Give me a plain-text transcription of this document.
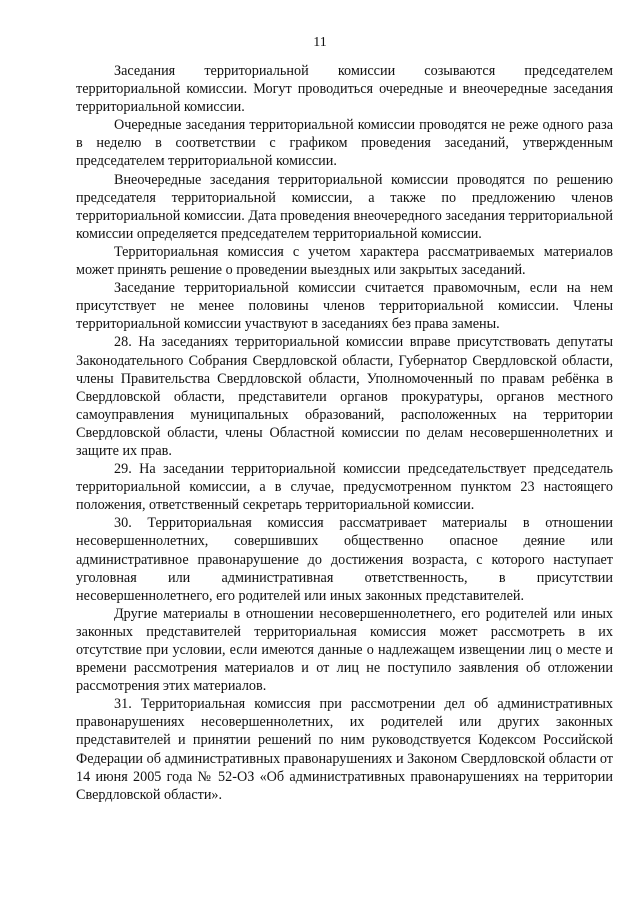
11

Заседания территориальной комиссии созываются председателем территориальной комиссии. Могут проводиться очередные и внеочередные заседания территориальной комиссии.

Очередные заседания территориальной комиссии проводятся не реже одного раза в неделю в соответствии с графиком проведения заседаний, утвержденным председателем территориальной комиссии.

Внеочередные заседания территориальной комиссии проводятся по решению председателя территориальной комиссии, а также по предложению членов территориальной комиссии. Дата проведения внеочередного заседания территориальной комиссии определяется председателем территориальной комиссии.

Территориальная комиссия с учетом характера рассматриваемых материалов может принять решение о проведении выездных или закрытых заседаний.

Заседание территориальной комиссии считается правомочным, если на нем присутствует не менее половины членов территориальной комиссии. Члены территориальной комиссии участвуют в заседаниях без права замены.

28. На заседаниях территориальной комиссии вправе присутствовать депутаты Законодательного Собрания Свердловской области, Губернатор Свердловской области, члены Правительства Свердловской области, Уполномоченный по правам ребёнка в Свердловской области, представители органов прокуратуры, органов местного самоуправления муниципальных образований, расположенных на территории Свердловской области, члены Областной комиссии по делам несовершеннолетних и защите их прав.

29. На заседании территориальной комиссии председательствует председатель территориальной комиссии, а в случае, предусмотренном пунктом 23 настоящего положения, ответственный секретарь территориальной комиссии.

30. Территориальная комиссия рассматривает материалы в отношении несовершеннолетних, совершивших общественно опасное деяние или административное правонарушение до достижения возраста, с которого наступает уголовная или административная ответственность, в присутствии несовершеннолетнего, его родителей или иных законных представителей.

Другие материалы в отношении несовершеннолетнего, его родителей или иных законных представителей территориальная комиссия может рассмотреть в их отсутствие при условии, если имеются данные о надлежащем извещении лиц о месте и времени рассмотрения материалов и от лиц не поступило заявления об отложении рассмотрения этих материалов.

31. Территориальная комиссия при рассмотрении дел об административных правонарушениях несовершеннолетних, их родителей или других законных представителей и принятии решений по ним руководствуется Кодексом Российской Федерации об административных правонарушениях и Законом Свердловской области от 14 июня 2005 года № 52-ОЗ «Об административных правонарушениях на территории Свердловской области».
